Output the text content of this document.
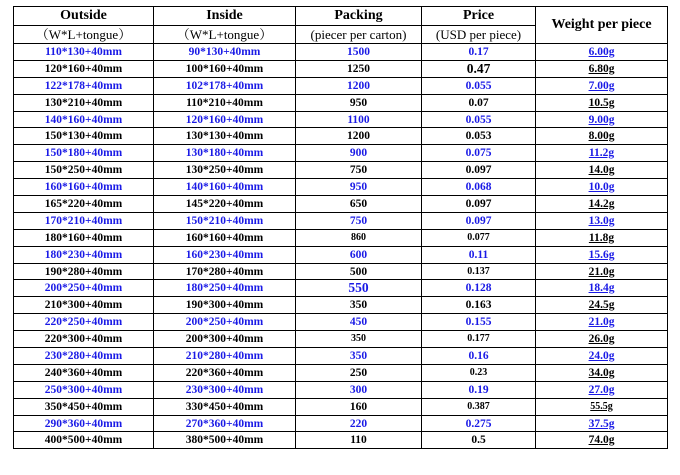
Outside	Inside	Packing	Price	Weight per piece

（W*L+tongue）	（W*L+tongue）	(piecer per carton)	(USD per piece)	
110*130+40mm	90*130+40mm	1500	0.17	6.00g
120*160+40mm	100*160+40mm	1250	0.47	6.80g
122*178+40mm	102*178+40mm	1200	0.055	7.00g
130*210+40mm	110*210+40mm	950	0.07	10.5g
140*160+40mm	120*160+40mm	1100	0.055	9.00g
150*130+40mm	130*130+40mm	1200	0.053	8.00g
150*180+40mm	130*180+40mm	900	0.075	11.2g
150*250+40mm	130*250+40mm	750	0.097	14.0g
160*160+40mm	140*160+40mm	950	0.068	10.0g
165*220+40mm	145*220+40mm	650	0.097	14.2g
170*210+40mm	150*210+40mm	750	0.097	13.0g
180*160+40mm	160*160+40mm	860	0.077	11.8g
180*230+40mm	160*230+40mm	600	0.11	15.6g
190*280+40mm	170*280+40mm	500	0.137	21.0g
200*250+40mm	180*250+40mm	550	0.128	18.4g
210*300+40mm	190*300+40mm	350	0.163	24.5g
220*250+40mm	200*250+40mm	450	0.155	21.0g
220*300+40mm	200*300+40mm	350	0.177	26.0g
230*280+40mm	210*280+40mm	350	0.16	24.0g
240*360+40mm	220*360+40mm	250	0.23	34.0g
250*300+40mm	230*300+40mm	300	0.19	27.0g
350*450+40mm	330*450+40mm	160	0.387	55.5g
290*360+40mm	270*360+40mm	220	0.275	37.5g
400*500+40mm	380*500+40mm	110	0.5	74.0g
